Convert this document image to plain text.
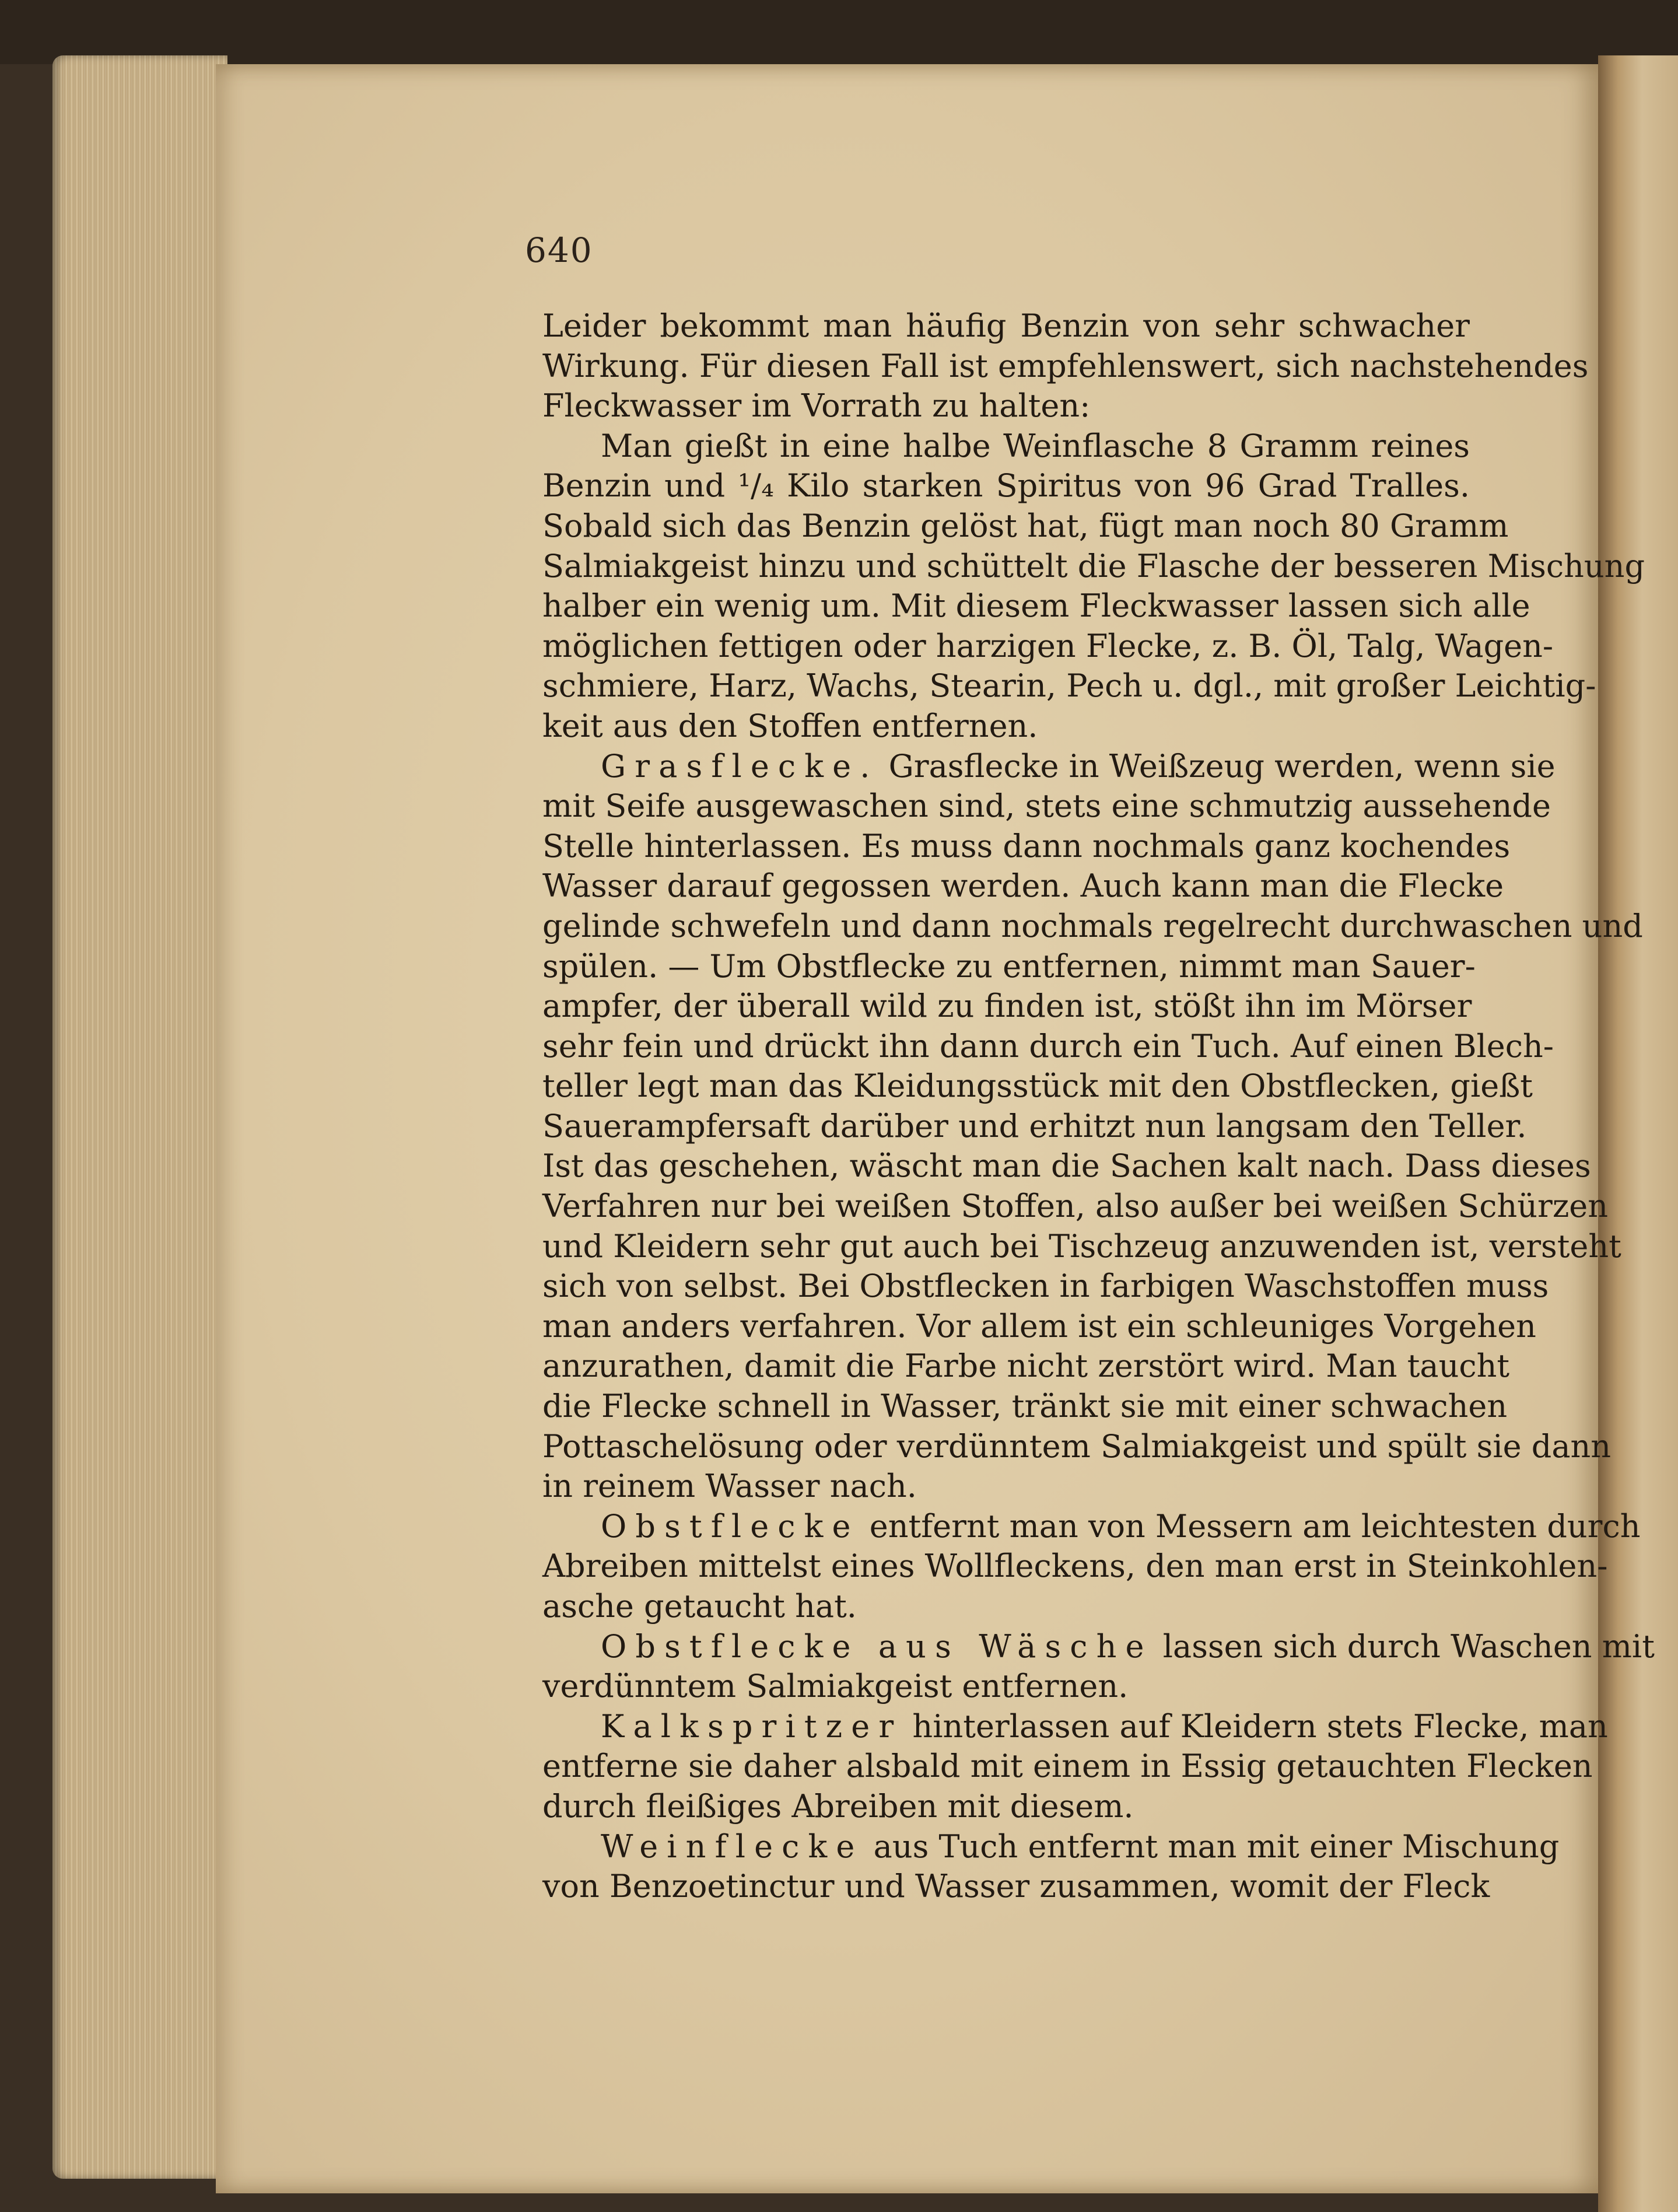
640
Leider bekommt man häufig Benzin von sehr schwacher
Wirkung. Für diesen Fall ist empfehlenswert, sich nachstehendes
Fleckwasser im Vorrath zu halten:
Man gießt in eine halbe Weinflasche 8 Gramm reines
Benzin und ¹/₄ Kilo starken Spiritus von 96 Grad Tralles.
Sobald sich das Benzin gelöst hat, fügt man noch 80 Gramm
Salmiakgeist hinzu und schüttelt die Flasche der besseren Mischung
halber ein wenig um. Mit diesem Fleckwasser lassen sich alle
möglichen fettigen oder harzigen Flecke, z. B. Öl, Talg, Wagen-
schmiere, Harz, Wachs, Stearin, Pech u. dgl., mit großer Leichtig-
keit aus den Stoffen entfernen.
Grasflecke. Grasflecke in Weißzeug werden, wenn sie
mit Seife ausgewaschen sind, stets eine schmutzig aussehende
Stelle hinterlassen. Es muss dann nochmals ganz kochendes
Wasser darauf gegossen werden. Auch kann man die Flecke
gelinde schwefeln und dann nochmals regelrecht durchwaschen und
spülen. — Um Obstflecke zu entfernen, nimmt man Sauer-
ampfer, der überall wild zu finden ist, stößt ihn im Mörser
sehr fein und drückt ihn dann durch ein Tuch. Auf einen Blech-
teller legt man das Kleidungsstück mit den Obstflecken, gießt
Sauerampfersaft darüber und erhitzt nun langsam den Teller.
Ist das geschehen, wäscht man die Sachen kalt nach. Dass dieses
Verfahren nur bei weißen Stoffen, also außer bei weißen Schürzen
und Kleidern sehr gut auch bei Tischzeug anzuwenden ist, versteht
sich von selbst. Bei Obstflecken in farbigen Waschstoffen muss
man anders verfahren. Vor allem ist ein schleuniges Vorgehen
anzurathen, damit die Farbe nicht zerstört wird. Man taucht
die Flecke schnell in Wasser, tränkt sie mit einer schwachen
Pottaschelösung oder verdünntem Salmiakgeist und spült sie dann
in reinem Wasser nach.
Obstflecke entfernt man von Messern am leichtesten durch
Abreiben mittelst eines Wollfleckens, den man erst in Steinkohlen-
asche getaucht hat.
Obstflecke aus Wäsche lassen sich durch Waschen mit
verdünntem Salmiakgeist entfernen.
Kalkspritzer hinterlassen auf Kleidern stets Flecke, man
entferne sie daher alsbald mit einem in Essig getauchten Flecken
durch fleißiges Abreiben mit diesem.
Weinflecke aus Tuch entfernt man mit einer Mischung
von Benzoetinctur und Wasser zusammen, womit der Fleck
